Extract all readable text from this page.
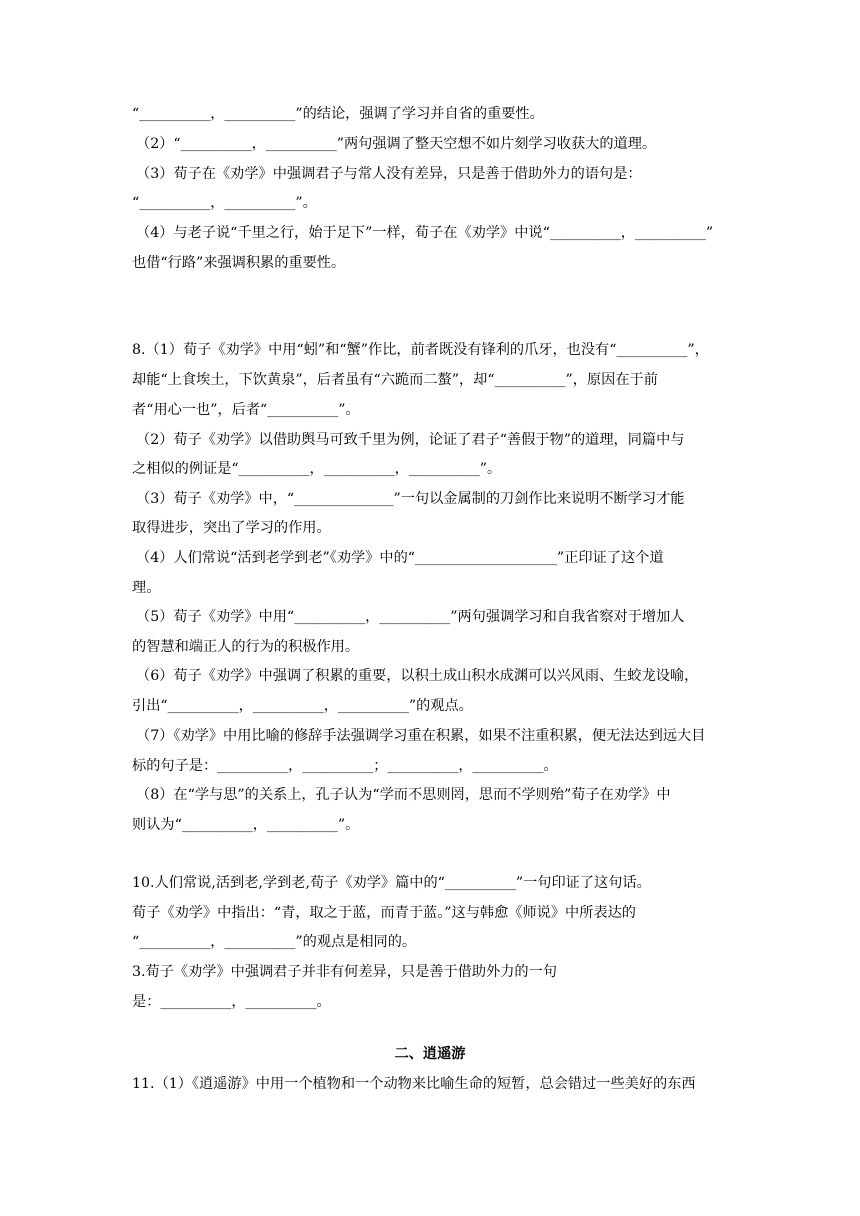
“__________，__________”的结论，强调了学习并自省的重要性。
（2）“__________，__________”两句强调了整天空想不如片刻学习收获大的道理。
（3）荀子在《劝学》中强调君子与常人没有差异，只是善于借助外力的语句是：
“__________，__________”。
（4）与老子说“千里之行，始于足下”一样，荀子在《劝学》中说“__________，__________”
也借“行路”来强调积累的重要性。
8.（1）荀子《劝学》中用“蚓”和“蟹”作比，前者既没有锋利的爪牙，也没有“__________”，
却能“上食埃土，下饮黄泉”，后者虽有“六跪而二螯”，却“__________”，原因在于前
者“用心一也”，后者“__________”。
（2）荀子《劝学》以借助舆马可致千里为例，论证了君子“善假于物”的道理，同篇中与
之相似的例证是“__________，__________，__________”。
（3）荀子《劝学》中，“______________”一句以金属制的刀剑作比来说明不断学习才能
取得进步，突出了学习的作用。
（4）人们常说“活到老学到老”《劝学》中的“____________________”正印证了这个道
理。
（5）荀子《劝学》中用“__________，__________”两句强调学习和自我省察对于增加人
的智慧和端正人的行为的积极作用。
（6）荀子《劝学》中强调了积累的重要，以积土成山积水成渊可以兴风雨、生蛟龙设喻，
引出“__________，__________，__________”的观点。
（7）《劝学》中用比喻的修辞手法强调学习重在积累，如果不注重积累，便无法达到远大目
标的句子是：__________，__________；__________，__________。
（8）在“学与思”的关系上，孔子认为“学而不思则罔，思而不学则殆”荀子在劝学》中
则认为“__________，__________”。
10.人们常说,活到老,学到老,荀子《劝学》篇中的“__________”一句印证了这句话。
荀子《劝学》中指出：“青，取之于蓝，而青于蓝。”这与韩愈《师说》中所表达的
“__________，__________”的观点是相同的。
3.荀子《劝学》中强调君子并非有何差异，只是善于借助外力的一句
是：__________，__________。
二、逍遥游
11.（1）《逍遥游》中用一个植物和一个动物来比喻生命的短暂，总会错过一些美好的东西
